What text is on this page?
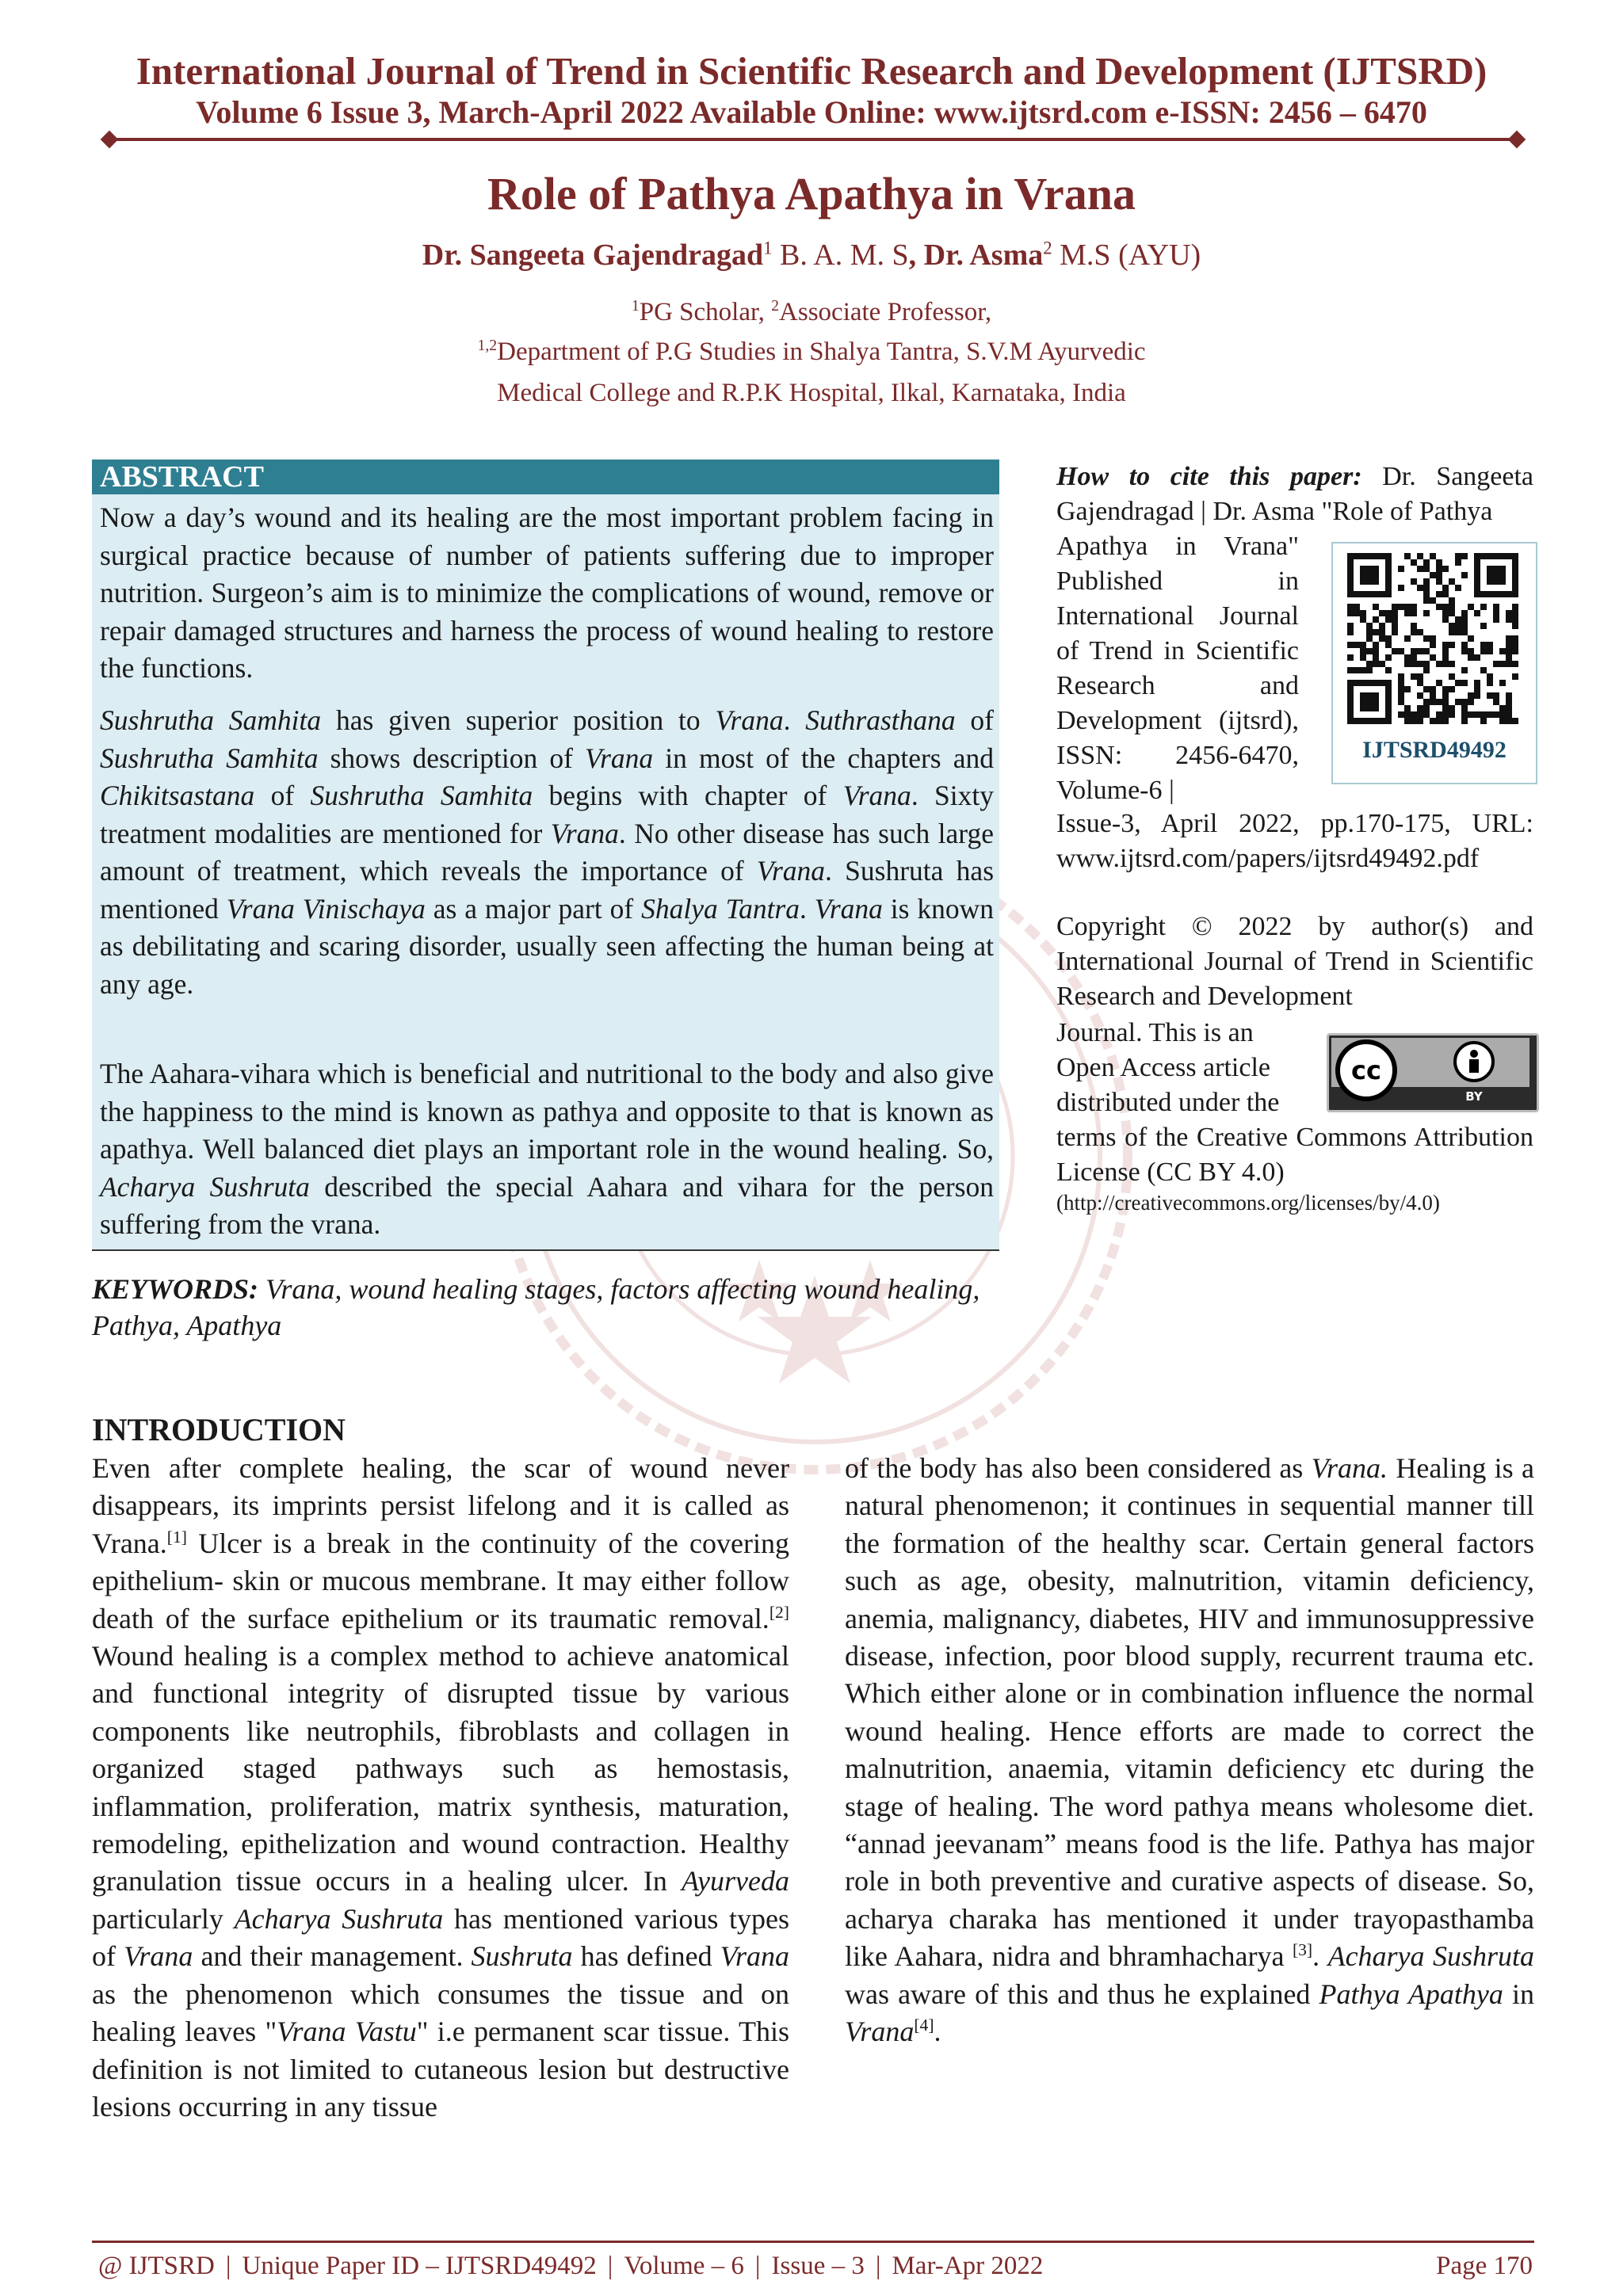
International Journal of Trend in Scientific Research and Development (IJTSRD)
Volume 6 Issue 3, March-April 2022 Available Online: www.ijtsrd.com e-ISSN: 2456 – 6470
Role of Pathya Apathya in Vrana
Dr. Sangeeta Gajendragad$^1$ B. A. M. S, Dr. Asma$^2$ M.S (AYU)
$^1$PG Scholar, $^2$Associate Professor,
$^{1,2}$Department of P.G Studies in Shalya Tantra, S.V.M Ayurvedic
Medical College and R.P.K Hospital, Ilkal, Karnataka, India
ABSTRACT
Now a day’s wound and its healing are the most important problem facing in surgical practice because of number of patients suffering due to improper nutrition. Surgeon’s aim is to minimize the complications of wound, remove or repair damaged structures and harness the process of wound healing to restore the functions.
Sushrutha Samhita has given superior position to Vrana. Suthrasthana of Sushrutha Samhita shows description of Vrana in most of the chapters and Chikitsastana of Sushrutha Samhita begins with chapter of Vrana. Sixty treatment modalities are mentioned for Vrana. No other disease has such large amount of treatment, which reveals the importance of Vrana. Sushruta has mentioned Vrana Vinischaya as a major part of Shalya Tantra. Vrana is known as debilitating and scaring disorder, usually seen affecting the human being at any age.
The Aahara-vihara which is beneficial and nutritional to the body and also give the happiness to the mind is known as pathya and opposite to that is known as apathya. Well balanced diet plays an important role in the wound healing. So, Acharya Sushruta described the special Aahara and vihara for the person suffering from the vrana.
KEYWORDS: Vrana, wound healing stages, factors affecting wound healing, Pathya, Apathya
How to cite this paper: Dr. Sangeeta Gajendragad | Dr. Asma "Role of Pathya
Apathya in Vrana" Published in International Journal of Trend in Scientific Research and Development (ijtsrd), ISSN: 2456-6470, Volume-6 |
Issue-3, April 2022, pp.170-175, URL: www.ijtsrd.com/papers/ijtsrd49492.pdf
IJTSRD49492
Copyright © 2022 by author(s) and International Journal of Trend in Scientific Research and Development
Journal. This is an Open Access article distributed under the
terms of the Creative Commons Attribution License (CC BY 4.0)
(http://creativecommons.org/licenses/by/4.0)
cc
BY
INTRODUCTION
Even after complete healing, the scar of wound never disappears, its imprints persist lifelong and it is called as Vrana.[1] Ulcer is a break in the continuity of the covering epithelium- skin or mucous membrane. It may either follow death of the surface epithelium or its traumatic removal.[2] Wound healing is a complex method to achieve anatomical and functional integrity of disrupted tissue by various components like neutrophils, fibroblasts and collagen in organized staged pathways such as hemostasis, inflammation, proliferation, matrix synthesis, maturation, remodeling, epithelization and wound contraction. Healthy granulation tissue occurs in a healing ulcer. In Ayurveda particularly Acharya Sushruta has mentioned various types of Vrana and their management. Sushruta has defined Vrana as the phenomenon which consumes the tissue and on healing leaves "Vrana Vastu" i.e permanent scar tissue. This definition is not limited to cutaneous lesion but destructive lesions occurring in any tissue
of the body has also been considered as Vrana. Healing is a natural phenomenon; it continues in sequential manner till the formation of the healthy scar. Certain general factors such as age, obesity, malnutrition, vitamin deficiency, anemia, malignancy, diabetes, HIV and immunosuppressive disease, infection, poor blood supply, recurrent trauma etc. Which either alone or in combination influence the normal wound healing. Hence efforts are made to correct the malnutrition, anaemia, vitamin deficiency etc during the stage of healing. The word pathya means wholesome diet. “annad jeevanam” means food is the life. Pathya has major role in both preventive and curative aspects of disease. So, acharya charaka has mentioned it under trayopasthamba like Aahara, nidra and bhramhacharya [3]. Acharya Sushruta was aware of this and thus he explained Pathya Apathya in Vrana[4].
@ IJTSRD | Unique Paper ID – IJTSRD49492 | Volume – 6 | Issue – 3 | Mar-Apr 2022	Page 170
